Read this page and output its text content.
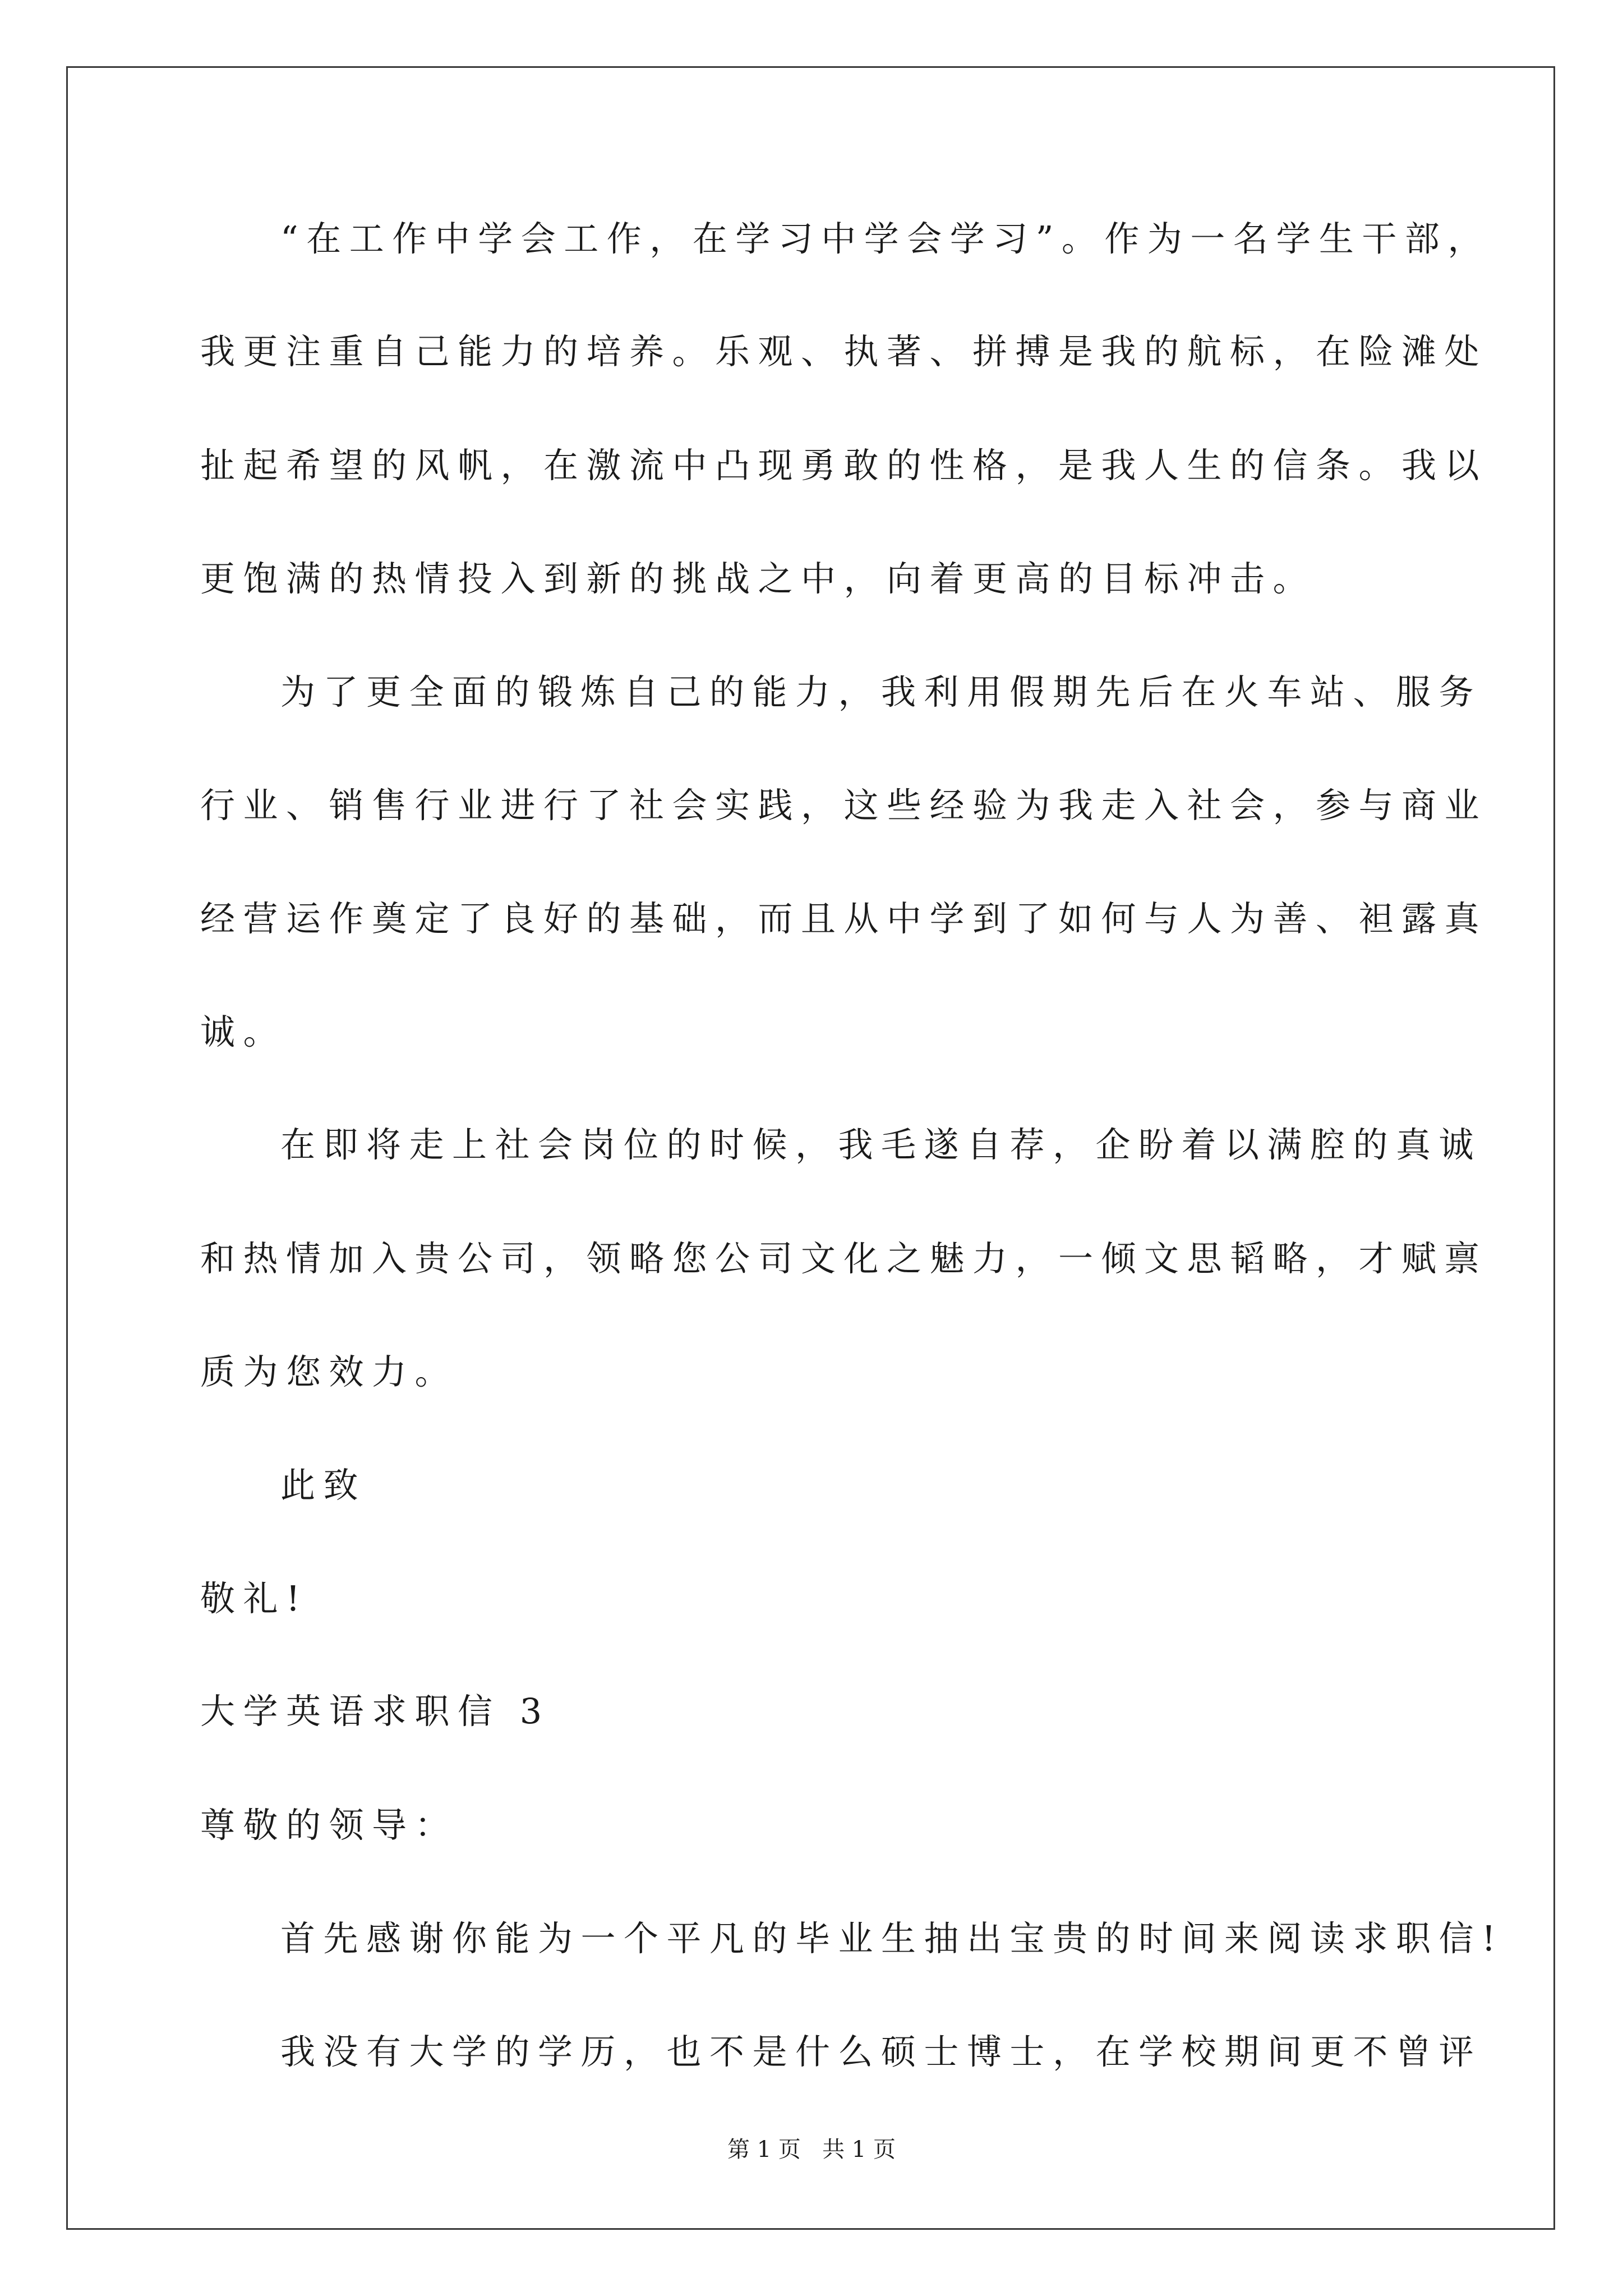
“在工作中学会工作，在学习中学会学习”。作为一名学生干部，
我更注重自己能力的培养。乐观、执著、拼搏是我的航标，在险滩处
扯起希望的风帆，在激流中凸现勇敢的性格，是我人生的信条。我以
更饱满的热情投入到新的挑战之中，向着更高的目标冲击。
为了更全面的锻炼自己的能力，我利用假期先后在火车站、服务
行业、销售行业进行了社会实践，这些经验为我走入社会，参与商业
经营运作奠定了良好的基础，而且从中学到了如何与人为善、袒露真
诚。
在即将走上社会岗位的时候，我毛遂自荐，企盼着以满腔的真诚
和热情加入贵公司，领略您公司文化之魅力，一倾文思韬略，才赋禀
质为您效力。
此致
敬礼!
大学英语求职信 3
尊敬的领导：
首先感谢你能为一个平凡的毕业生抽出宝贵的时间来阅读求职信!
我没有大学的学历，也不是什么硕士博士，在学校期间更不曾评
第 1 页   共 1 页
